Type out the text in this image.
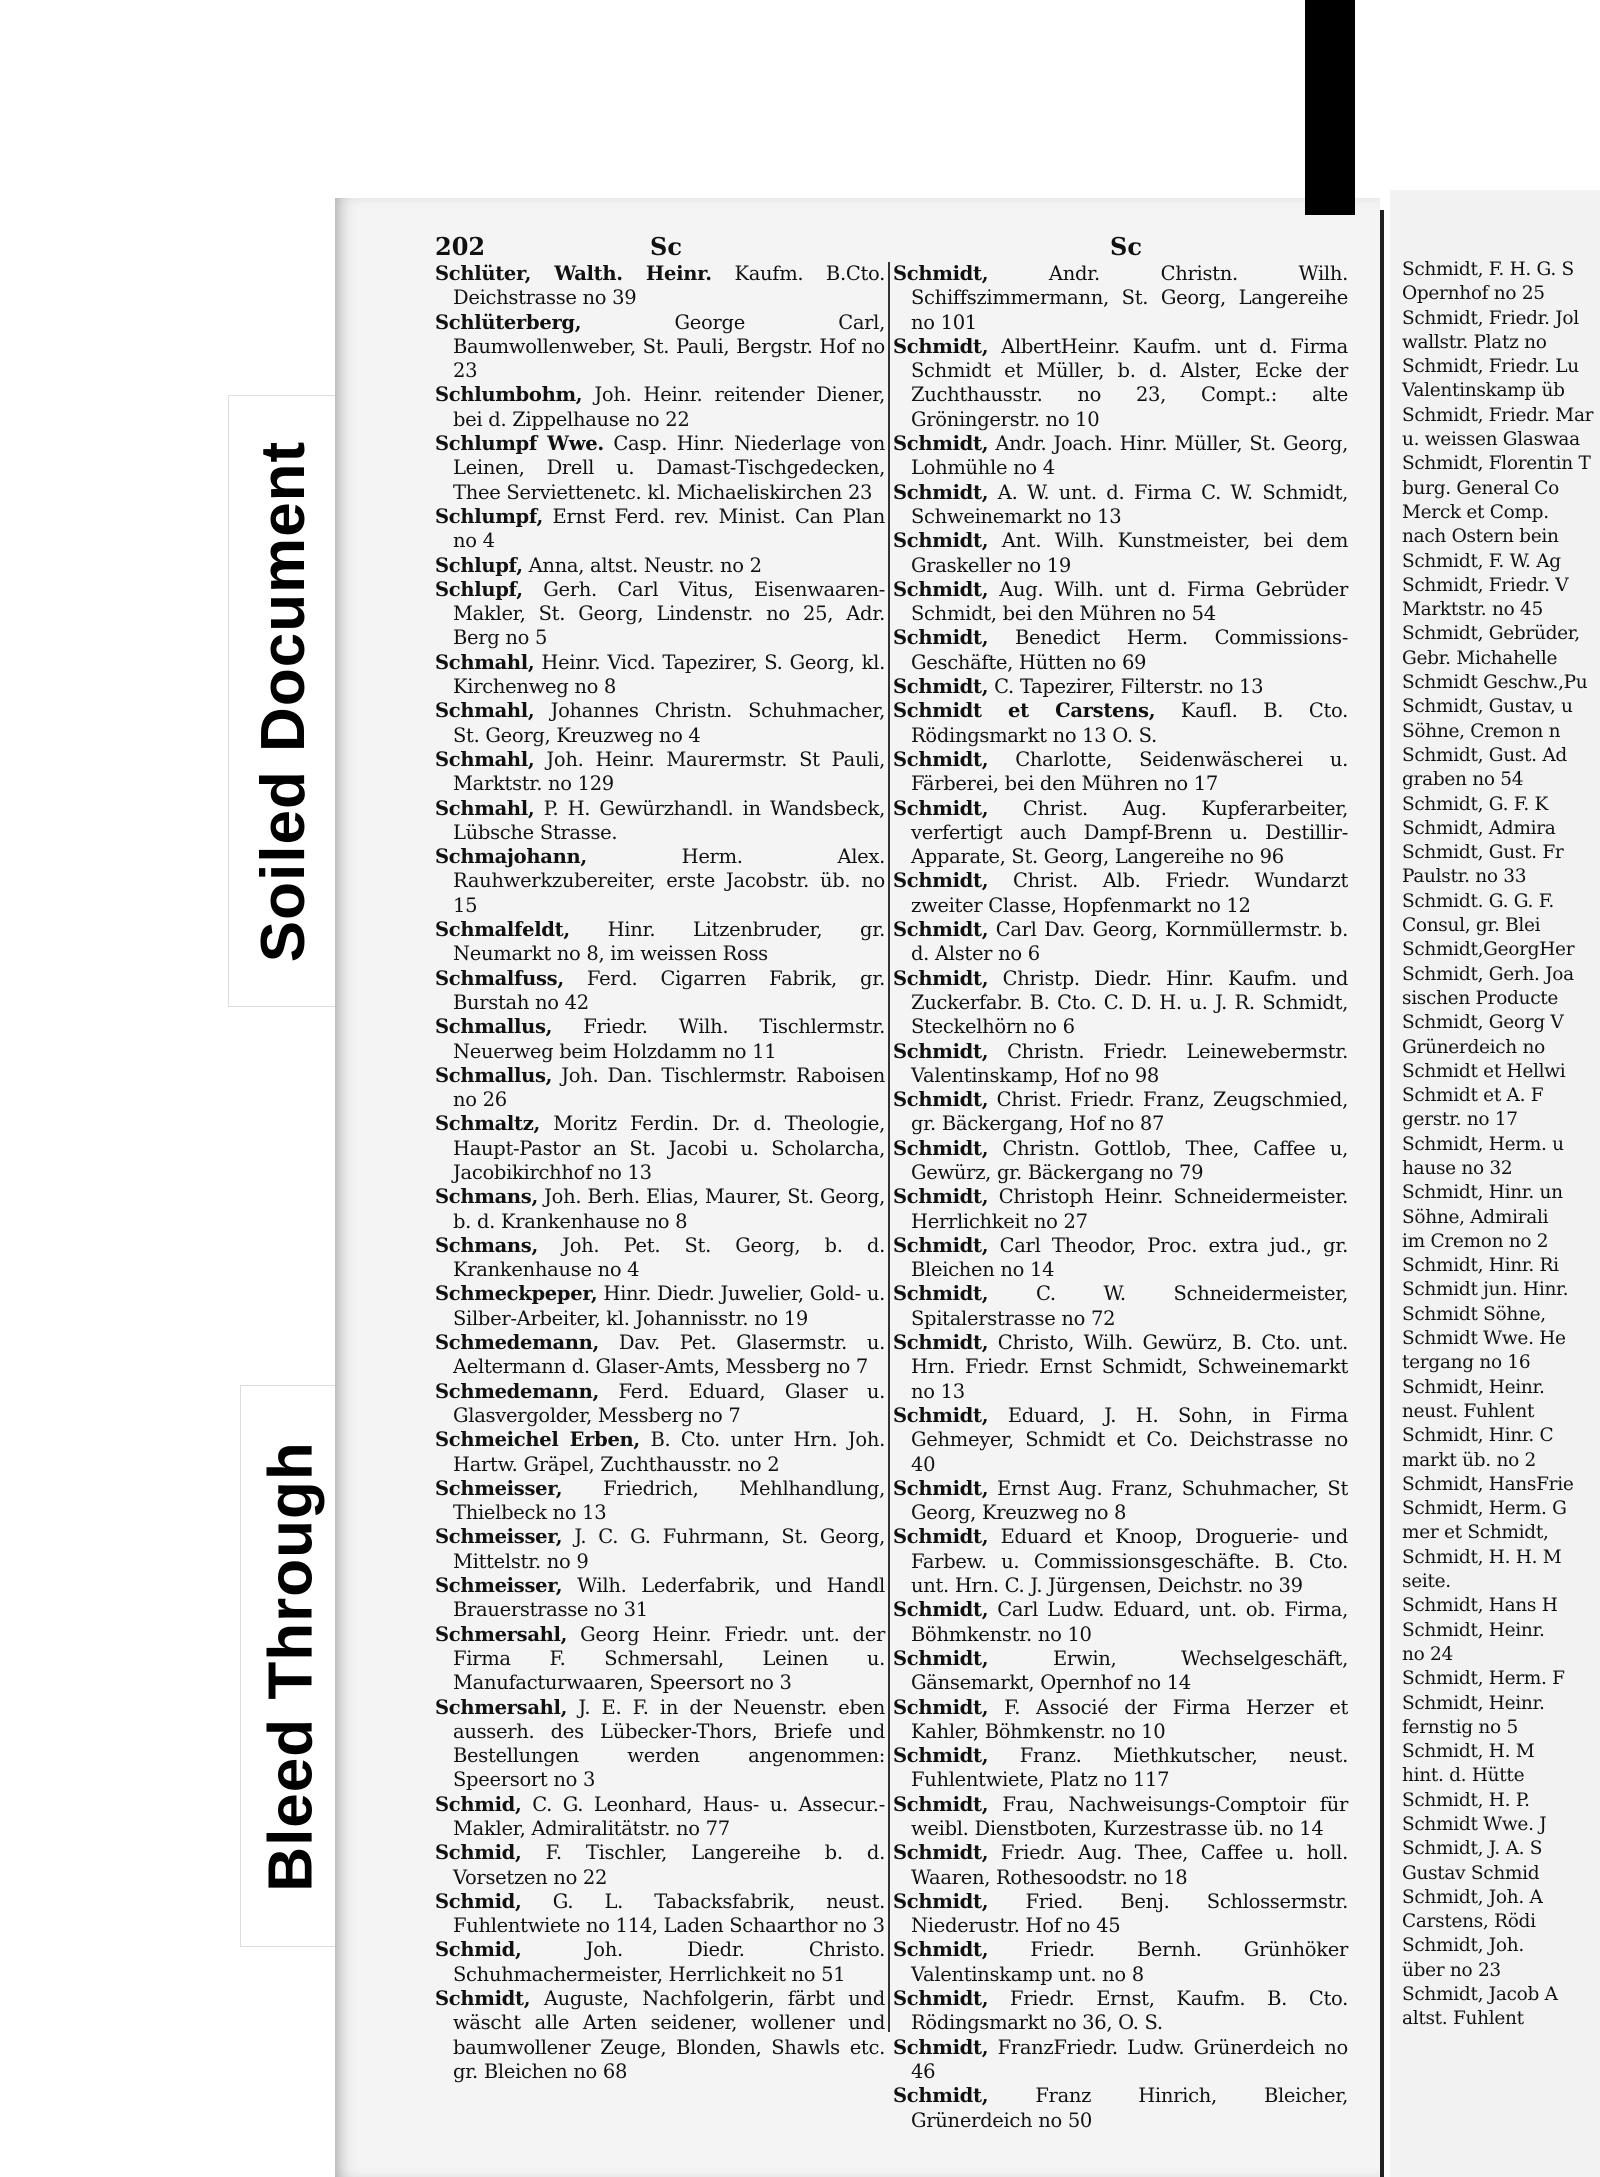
Soiled Document
Bleed Through
202	Sc	Sc
Schlüter, Walth. Heinr. Kaufm. B.Cto. Deichstrasse no 39
Schlüterberg,	George Carl, Baumwollenweber, St. Pauli, Bergstr. Hof no 23
Schlumbohm, Joh. Heinr. reitender Diener, bei d. Zippelhause no 22
Schlumpf Wwe. Casp. Hinr. Niederlage von Leinen, Drell u. Damast-Tischgedecken, Thee Serviettenetc. kl. Michaeliskirchen 23
Schlumpf, Ernst Ferd. rev. Minist. Can Plan no 4
Schlupf, Anna, altst. Neustr. no 2
Schlupf, Gerh. Carl Vitus, Eisenwaaren-Makler, St. Georg, Lindenstr. no 25, Adr. Berg no 5
Schmahl, Heinr. Vicd. Tapezirer, S. Georg, kl. Kirchenweg no 8
Schmahl, Johannes Christn. Schuhmacher, St. Georg, Kreuzweg no 4
Schmahl, Joh. Heinr. Maurermstr. St Pauli, Marktstr. no 129
Schmahl, P. H. Gewürzhandl. in Wandsbeck, Lübsche Strasse.
Schmajohann,	Herm. Alex. Rauhwerkzubereiter, erste Jacobstr. üb. no 15
Schmalfeldt, Hinr. Litzenbruder, gr. Neumarkt no 8, im weissen Ross
Schmalfuss, Ferd. Cigarren Fabrik, gr. Burstah no 42
Schmallus, Friedr. Wilh. Tischlermstr. Neuerweg beim Holzdamm no 11
Schmallus, Joh. Dan. Tischlermstr. Raboisen no 26
Schmaltz, Moritz Ferdin. Dr. d. Theologie, Haupt-Pastor an St. Jacobi u. Scholarcha, Jacobikirchhof no 13
Schmans, Joh. Berh. Elias, Maurer, St. Georg, b. d. Krankenhause no 8
Schmans, Joh. Pet. St. Georg, b. d. Krankenhause no 4
Schmeckpeper, Hinr. Diedr. Juwelier, Gold- u. Silber-Arbeiter, kl. Johannisstr. no 19
Schmedemann, Dav. Pet. Glasermstr. u. Aeltermann d. Glaser-Amts, Messberg no 7
Schmedemann, Ferd. Eduard, Glaser u. Glasvergolder, Messberg no 7
Schmeichel Erben, B. Cto. unter Hrn. Joh. Hartw. Gräpel, Zuchthausstr. no 2
Schmeisser, Friedrich, Mehlhandlung, Thielbeck no 13
Schmeisser, J. C. G. Fuhrmann, St. Georg, Mittelstr. no 9
Schmeisser, Wilh. Lederfabrik, und Handl Brauerstrasse no 31
Schmersahl, Georg Heinr. Friedr. unt. der Firma F. Schmersahl, Leinen u. Manufacturwaaren, Speersort no 3
Schmersahl, J. E. F. in der Neuenstr. eben ausserh. des Lübecker-Thors, Briefe und Bestellungen werden angenommen: Speersort no 3
Schmid, C. G. Leonhard, Haus- u. Assecur.-Makler, Admiralitätstr. no 77
Schmid, F. Tischler, Langereihe b. d. Vorsetzen no 22
Schmid, G. L. Tabacksfabrik, neust. Fuhlentwiete no 114, Laden Schaarthor no 3
Schmid,	Joh. Diedr. Christo. Schuhmachermeister, Herrlichkeit no 51
Schmidt, Auguste, Nachfolgerin, färbt und wäscht alle Arten seidener, wollener und baumwollener Zeuge, Blonden, Shawls etc. gr. Bleichen no 68
Schmidt,	Andr. Christn. Wilh. Schiffszimmermann, St. Georg, Langereihe no 101
Schmidt, AlbertHeinr. Kaufm. unt d. Firma Schmidt et Müller, b. d. Alster, Ecke der Zuchthausstr. no 23, Compt.: alte Gröningerstr. no 10
Schmidt, Andr. Joach. Hinr. Müller, St. Georg, Lohmühle no 4
Schmidt, A. W. unt. d. Firma C. W. Schmidt, Schweinemarkt no 13
Schmidt, Ant. Wilh. Kunstmeister, bei dem Graskeller no 19
Schmidt, Aug. Wilh. unt d. Firma Gebrüder Schmidt, bei den Mühren no 54
Schmidt, Benedict Herm. Commissions-Geschäfte, Hütten no 69
Schmidt, C. Tapezirer, Filterstr. no 13
Schmidt et Carstens, Kaufl. B. Cto. Rödingsmarkt no 13 O. S.
Schmidt, Charlotte, Seidenwäscherei u. Färberei, bei den Mühren no 17
Schmidt, Christ. Aug. Kupferarbeiter, verfertigt auch Dampf-Brenn u. Destillir-Apparate, St. Georg, Langereihe no 96
Schmidt, Christ. Alb. Friedr. Wundarzt zweiter Classe, Hopfenmarkt no 12
Schmidt, Carl Dav. Georg, Kornmüllermstr. b. d. Alster no 6
Schmidt, Christp. Diedr. Hinr. Kaufm. und Zuckerfabr. B. Cto. C. D. H. u. J. R. Schmidt, Steckelhörn no 6
Schmidt, Christn. Friedr. Leinewebermstr. Valentinskamp, Hof no 98
Schmidt, Christ. Friedr. Franz, Zeugschmied, gr. Bäckergang, Hof no 87
Schmidt, Christn. Gottlob, Thee, Caffee u, Gewürz, gr. Bäckergang no 79
Schmidt, Christoph Heinr. Schneidermeister. Herrlichkeit no 27
Schmidt, Carl Theodor, Proc. extra jud., gr. Bleichen no 14
Schmidt, C. W. Schneidermeister, Spitalerstrasse no 72
Schmidt, Christo, Wilh. Gewürz, B. Cto. unt. Hrn. Friedr. Ernst Schmidt, Schweinemarkt no 13
Schmidt, Eduard, J. H. Sohn, in Firma Gehmeyer, Schmidt et Co. Deichstrasse no 40
Schmidt, Ernst Aug. Franz, Schuhmacher, St Georg, Kreuzweg no 8
Schmidt, Eduard et Knoop, Droguerie- und Farbew. u. Commissionsgeschäfte. B. Cto. unt. Hrn. C. J. Jürgensen, Deichstr. no 39
Schmidt, Carl Ludw. Eduard, unt. ob. Firma, Böhmkenstr. no 10
Schmidt,	Erwin, Wechselgeschäft, Gänsemarkt, Opernhof no 14
Schmidt, F. Associé der Firma Herzer et Kahler, Böhmkenstr. no 10
Schmidt, Franz. Miethkutscher, neust. Fuhlentwiete, Platz no 117
Schmidt, Frau, Nachweisungs-Comptoir für weibl. Dienstboten, Kurzestrasse üb. no 14
Schmidt, Friedr. Aug. Thee, Caffee u. holl. Waaren, Rothesoodstr. no 18
Schmidt, Fried. Benj. Schlossermstr. Niederustr. Hof no 45
Schmidt, Friedr. Bernh. Grünhöker Valentinskamp unt. no 8
Schmidt, Friedr. Ernst, Kaufm. B. Cto. Rödingsmarkt no 36, O. S.
Schmidt, FranzFriedr. Ludw. Grünerdeich no 46
Schmidt, Franz Hinrich, Bleicher, Grünerdeich no 50
Schmidt, F. H. G. S
Opernhof no 25
Schmidt, Friedr. Jol
wallstr. Platz no
Schmidt, Friedr. Lu
Valentinskamp üb
Schmidt, Friedr. Mar
u. weissen Glaswaa
Schmidt, Florentin T
burg. General Co
Merck et Comp.
nach Ostern bein
Schmidt, F. W. Ag
Schmidt, Friedr. V
Marktstr. no 45
Schmidt, Gebrüder,
Gebr. Michahelle
Schmidt Geschw.,Pu
Schmidt, Gustav, u
Söhne, Cremon n
Schmidt, Gust. Ad
graben no 54
Schmidt, G. F. K
Schmidt, Admira
Schmidt, Gust. Fr
Paulstr. no 33
Schmidt. G. G. F.
Consul, gr. Blei
Schmidt,GeorgHer
Schmidt, Gerh. Joa
sischen Producte
Schmidt, Georg V
Grünerdeich no
Schmidt et Hellwi
Schmidt et A. F
gerstr. no 17
Schmidt, Herm. u
hause no 32
Schmidt, Hinr. un
Söhne, Admirali
im Cremon no 2
Schmidt, Hinr. Ri
Schmidt jun. Hinr.
Schmidt Söhne,
Schmidt Wwe. He
tergang no 16
Schmidt, Heinr.
neust. Fuhlent
Schmidt, Hinr. C
markt üb. no 2
Schmidt, HansFrie
Schmidt, Herm. G
mer et Schmidt,
Schmidt, H. H. M
seite.
Schmidt, Hans H
Schmidt, Heinr.
no 24
Schmidt, Herm. F
Schmidt, Heinr.
fernstig no 5
Schmidt, H. M
hint. d. Hütte
Schmidt, H. P.
Schmidt Wwe. J
Schmidt, J. A. S
Gustav Schmid
Schmidt, Joh. A
Carstens, Rödi
Schmidt, Joh.
über no 23
Schmidt, Jacob A
altst. Fuhlent
